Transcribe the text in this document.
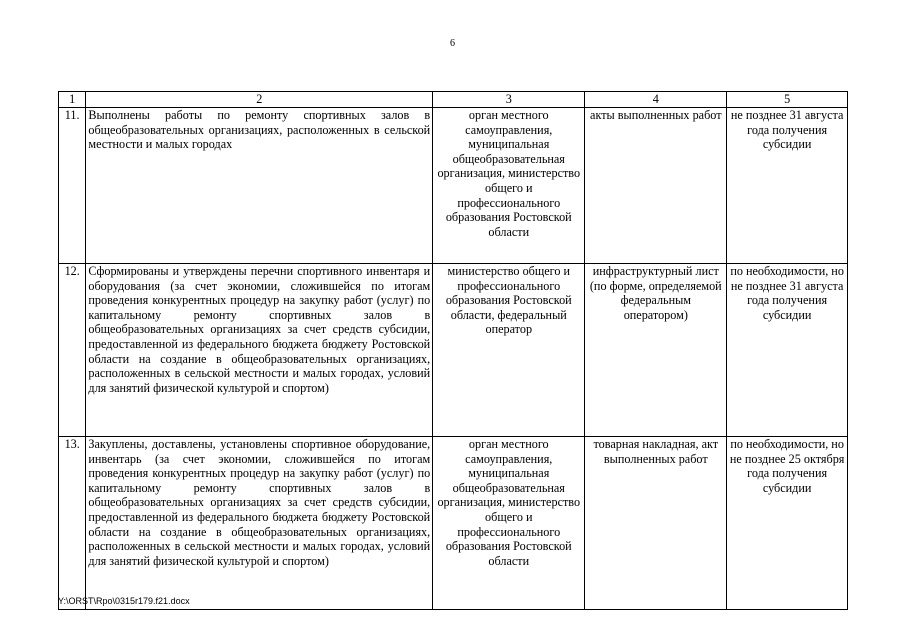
6
1	2	3	4	5
11.	Выполнены работы по ремонту спортивных залов в общеобразовательных организациях, расположенных в сельской местности и малых городах	орган местного самоуправления, муниципальная общеобразовательная организация, министерство общего и профессионального образования Ростовской области	акты выполненных работ	не позднее 31 августа года получения субсидии
12.	Сформированы и утверждены перечни спортивного инвентаря и оборудования (за счет экономии, сложившейся по итогам проведения конкурентных процедур на закупку работ (услуг) по капитальному ремонту спортивных залов в общеобразовательных организациях за счет средств субсидии, предоставленной из федерального бюджета бюджету Ростовской области на создание в общеобразовательных организациях, расположенных в сельской местности и малых городах, условий для занятий физической культурой и спортом)	министерство общего и профессионального образования Ростовской области, федеральный оператор	инфраструктурный лист (по форме, определяемой федеральным оператором)	по необходимости, но не позднее 31 августа года получения субсидии
13.	Закуплены, доставлены, установлены спортивное оборудование, инвентарь (за счет экономии, сложившейся по итогам проведения конкурентных процедур на закупку работ (услуг) по капитальному ремонту спортивных залов в общеобразовательных организациях за счет средств субсидии, предоставленной из федерального бюджета бюджету Ростовской области на создание в общеобразовательных организациях, расположенных в сельской местности и малых городах, условий для занятий физической культурой и спортом)	орган местного самоуправления, муниципальная общеобразовательная организация, министерство общего и профессионального образования Ростовской области	товарная накладная, акт выполненных работ	по необходимости, но не позднее 25 октября года получения субсидии
Y:\ORST\Rpo\0315r179.f21.docx
